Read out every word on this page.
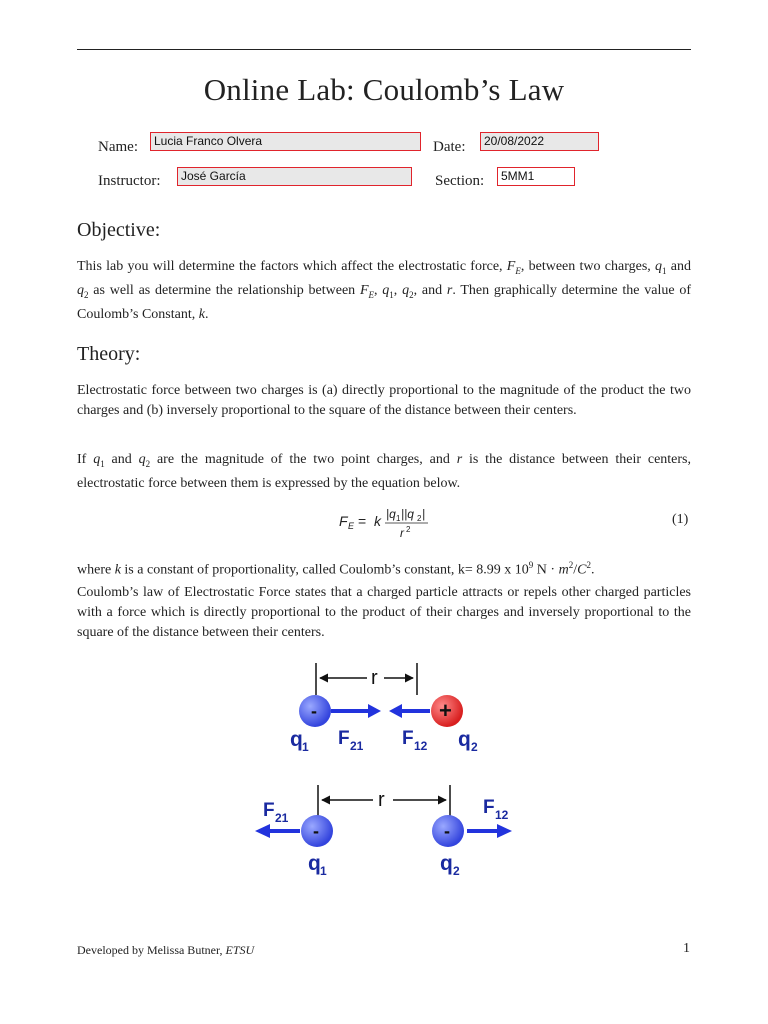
Online Lab: Coulomb’s Law
Name:	Lucia Franco Olvera	Date:	20/08/2022
Instructor:	José García	Section:	5MM1
Objective:

This lab you will determine the factors which affect the electrostatic force, $F_E$, between two charges, $q_1$ and $q_2$ as well as determine the relationship between $F_E$, $q_1$, $q_2$, and r. Then graphically determine the value of Coulomb’s Constant, k.

Theory:

Electrostatic force between two charges is (a) directly proportional to the magnitude of the product the two charges and (b) inversely proportional to the square of the distance between their centers.

If $q_1$ and $q_2$ are the magnitude of the two point charges, and r is the distance between their centers, electrostatic force between them is expressed by the equation below.

F E = k |q 1 ||q 2 |
r 2
(1)

where k is a constant of proportionality, called Coulomb’s constant, k= 8.99 x $10^9$ $N \cdot m^2/C^2$.

Coulomb’s law of Electrostatic Force states that a charged particle attracts or repels other charged particles with a force which is directly proportional to the product of their charges and inversely proportional to the square of the distance between their centers.

r
-	+
q 1 F 21 F 12 q 2
r
-	-
F 21	F 12
q 1	q 2
Developed by Melissa Butner, ETSU	1
